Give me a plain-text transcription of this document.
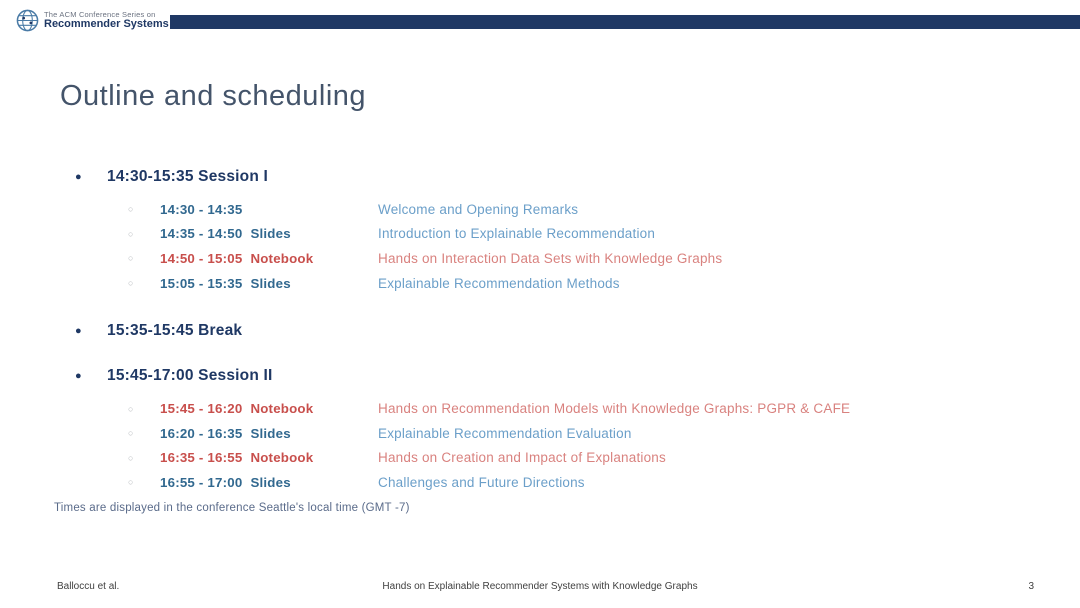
The ACM Conference Series on
Recommender Systems
Outline and scheduling
●	14:30-15:35 Session I
○	14:30 - 14:35	Welcome and Opening Remarks
○	14:35 - 14:50 Slides	Introduction to Explainable Recommendation
○	14:50 - 15:05 Notebook	Hands on Interaction Data Sets with Knowledge Graphs
○	15:05 - 15:35 Slides	Explainable Recommendation Methods
●	15:35-15:45 Break
●	15:45-17:00 Session II
○	15:45 - 16:20 Notebook	Hands on Recommendation Models with Knowledge Graphs: PGPR & CAFE
○	16:20 - 16:35 Slides	Explainable Recommendation Evaluation
○	16:35 - 16:55 Notebook	Hands on Creation and Impact of Explanations
○	16:55 - 17:00 Slides	Challenges and Future Directions
Times are displayed in the conference Seattle's local time (GMT -7)
Balloccu et al.	Hands on Explainable Recommender Systems with Knowledge Graphs	3
